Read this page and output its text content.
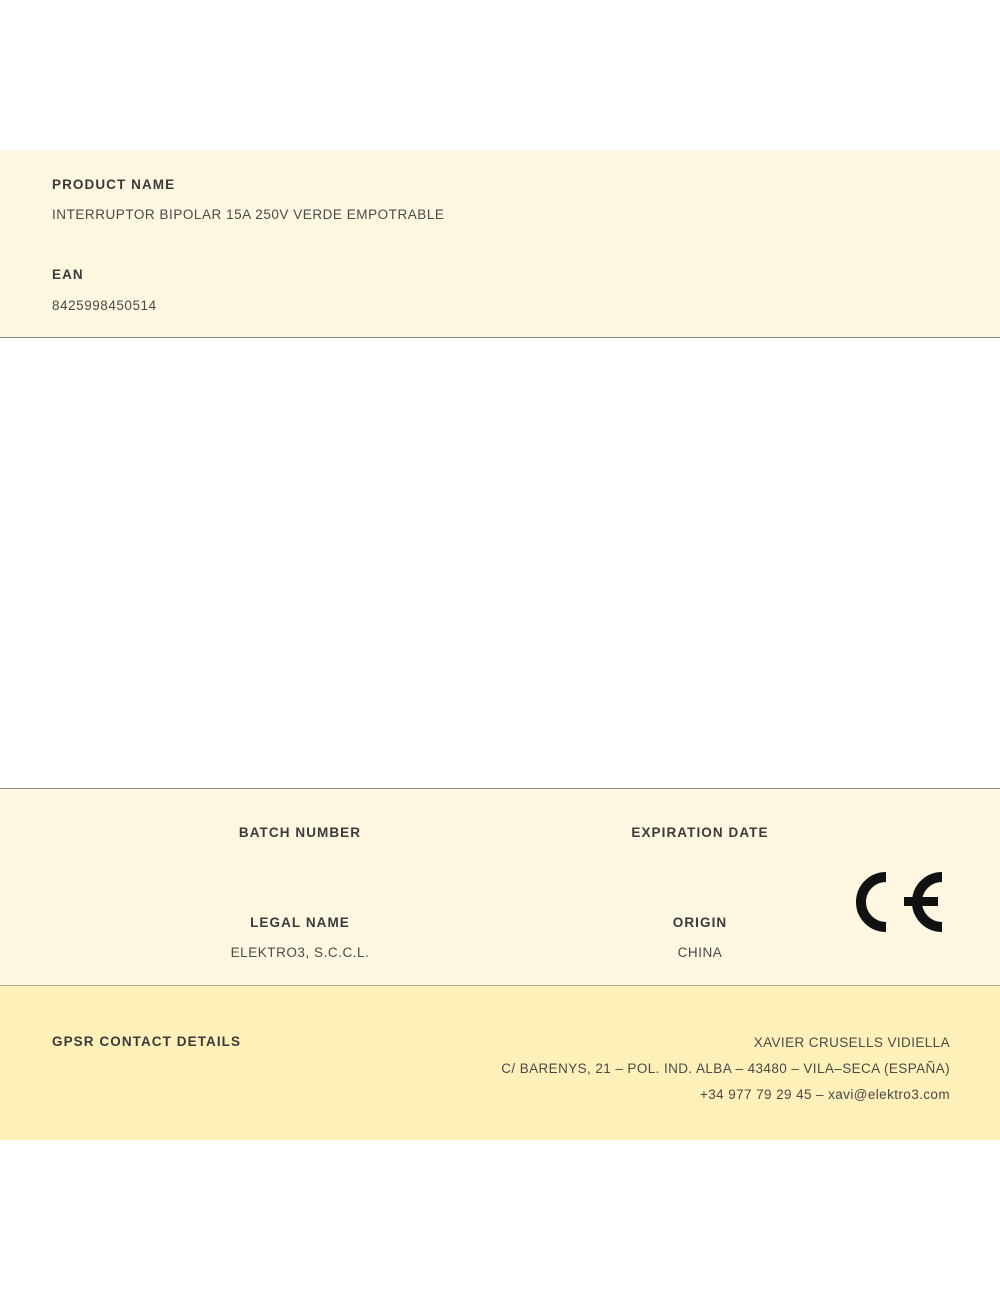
PRODUCT NAME
INTERRUPTOR BIPOLAR 15A 250V VERDE EMPOTRABLE
EAN
8425998450514
BATCH NUMBER	EXPIRATION DATE
LEGAL NAME
ELEKTRO3, S.C.C.L.
ORIGIN
CHINA
GPSR CONTACT DETAILS	XAVIER CRUSELLS VIDIELLA
C/ BARENYS, 21 – POL. IND. ALBA – 43480 – VILA–SECA (ESPAÑA)
+34 977 79 29 45 – xavi@elektro3.com
